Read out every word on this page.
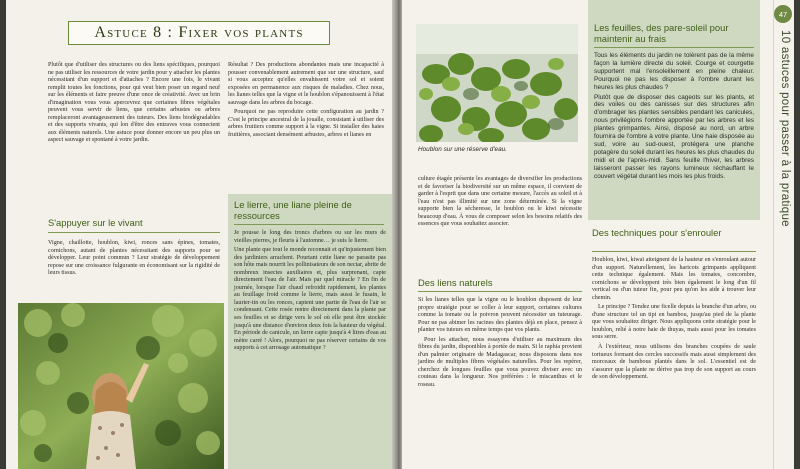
Astuce 8 : Fixer vos plants

Plutôt que d'utiliser des structures ou des liens spécifiques, pourquoi ne pas utiliser les ressources de votre jardin pour y attacher les plantes nécessitant d'un support et d'attaches ? Encore une fois, le vivant remplit toutes les fonctions, pour qui veut bien poser un regard neuf sur les éléments et faire preuve d'une once de créativité. Avec un brin d'imagination vous vous apercevrez que certaines fibres végétales peuvent vous servir de liens, que certains arbustes ou arbres remplaceront avantageusement des tuteurs. Des liens biodégradables et des supports vivants, qui lon d'être des entraves vous connectent aux éléments naturels. Une astuce pour donner encore un peu plus un aspect sauvage et spontané à votre jardin.

Résultat ? Des productions abondantes mais une incapacité à pousser convenablement autrement que sur une structure, sauf si vous acceptez qu'elles envahissent votre sol et soient exposées en permanence aux risques de maladies. Chez nous, les lianes telles que la vigne et le houblon s'épanouissent à l'état sauvage dans les arbres du bocage.

Pourquoi ne pas reproduire cette configuration au jardin ? C'est le principe ancestral de la joualle, consistant à utiliser des arbres fruitiers comme support à la vigne. Si installer des haies fruitières, associant densément arbustes, arbres et lianes en

S'appuyer sur le vivant

Vigne, chaillotte, houblon, kiwi, ronces sans épines, tomates, cornichons, autant de plantes nécessitant des supports pour se développer. Leur point commun ? Leur stratégie de développement repose sur une croissance fulgurante en économisant sur la rigidité de leurs tissus.

Le lierre, une liane pleine de ressources

Je pousse le long des troncs d'arbres ou sur les murs de vieilles pierres, je fleuris à l'automne… je suis le lierre.

Une plante que tout le monde reconnait et qu'injustement bien des jardiniers arrachent. Pourtant cette liane ne parasite pas son hôte mais nourrit les pollinisateurs de son nectar, abrite de nombreux insectes auxiliaires et, plus surprenant, capte directement l'eau de l'air. Mais par quel miracle ? En fin de journée, lorsque l'air chaud refroidit rapidement, les plantes au feuillage froid comme le lierre, mais aussi le fusain, le laurier-tin ou les ronces, captent une partie de l'eau de l'air se condensant. Cette rosée rentre directement dans la plante par ses feuilles et se dirige vers le sol où elle peut être stockée jusqu'à une distance d'environ deux fois la hauteur du végétal. En période de canicule, un lierre capte jusqu'à 4 litres d'eau au mètre carré ! Alors, pourquoi ne pas réserver certains de vos supports à cet arrosage automatique ?

Houblon sur une réserve d'eau.

culture étagée présente les avantages de diversifier les productions et de favoriser la biodiversité sur un même espace, il convient de garder à l'esprit que dans une certaine mesure, l'accès au soleil et à l'eau n'est pas illimité sur une zone déterminée. Si la vigne supporte bien la sécheresse, le houblon ou le kiwi nécessite beaucoup d'eau. À vous de composer selon les besoins relatifs des essences que vous souhaitez associer.

Des liens naturels

Si les lianes telles que la vigne ou le houblon disposent de leur propre stratégie pour se coller à leur support, certaines cultures comme la tomate ou le poivron peuvent nécessiter un tuteurage. Pour ne pas abimer les racines des plantes déjà en place, pensez à planter vos tuteurs en même temps que vos plants.

Pour les attacher, nous essayons d'utiliser au maximum des fibres du jardin, disponibles à portée de main. Si le raphia provient d'un palmier originaire de Madagascar, nous disposons dans nos jardins de multiples fibres végétales naturelles. Pour les repérer, cherchez de longues feuilles que vous pouvez diviser avec un couteau dans la longueur. Nos préférées : le miscanthus et le roseau.

Les feuilles, des pare-soleil pour maintenir au frais

Tous les éléments du jardin ne tolèrent pas de la même façon la lumière directe du soleil. Courge et courgette supportent mal l'ensoleillement en pleine chaleur. Pourquoi ne pas les disposer à l'ombre durant les heures les plus chaudes ?

Plutôt que de disposer des cageots sur les plants, et des voiles ou des canisses sur des structures afin d'ombrager les plantes sensibles pendant les canicules, nous privilégions l'ombre apportée par les arbres et les plantes grimpantes. Ainsi, disposé au nord, un arbre fournira de l'ombre à votre plante. Une haie disposée au sud, voire au sud-ouest, protégera une planche potagère du soleil durant les heures les plus chaudes du midi et de l'après-midi. Sans feuille l'hiver, les arbres laisseront passer les rayons lumineux réchauffant le couvert végétal durant les mois les plus froids.

Des techniques pour s'enrouler

Houblon, kiwi, kiwaï atteignent de la hauteur en s'enroulant autour d'un support. Naturellement, les haricots grimpants appliquent cette technique également. Mais les tomates, concombre, cornichons se développent très bien également le long d'un fil vertical ou d'un tuteur fin, pour peu qu'on les aide à trouver leur chemin.

Le principe ? Tendez une ficelle depuis la branche d'un arbre, ou d'une structure tel un tipi en bambou, jusqu'au pied de la plante que vous souhaitez diriger. Nous appliquons cette stratégie pour le houblon, relié à notre haie de thuyas, mais aussi pour les tomates sous serre.

À l'extérieur, nous utilisons des branches coupées de saule tortueux formant des cercles successifs mais aussi simplement des morceaux de bambous plantés dans le sol. L'essentiel est de s'assurer que la plante ne dérive pas trop de son support au cours de son développement.

47
10 astuces pour passer à la pratique
